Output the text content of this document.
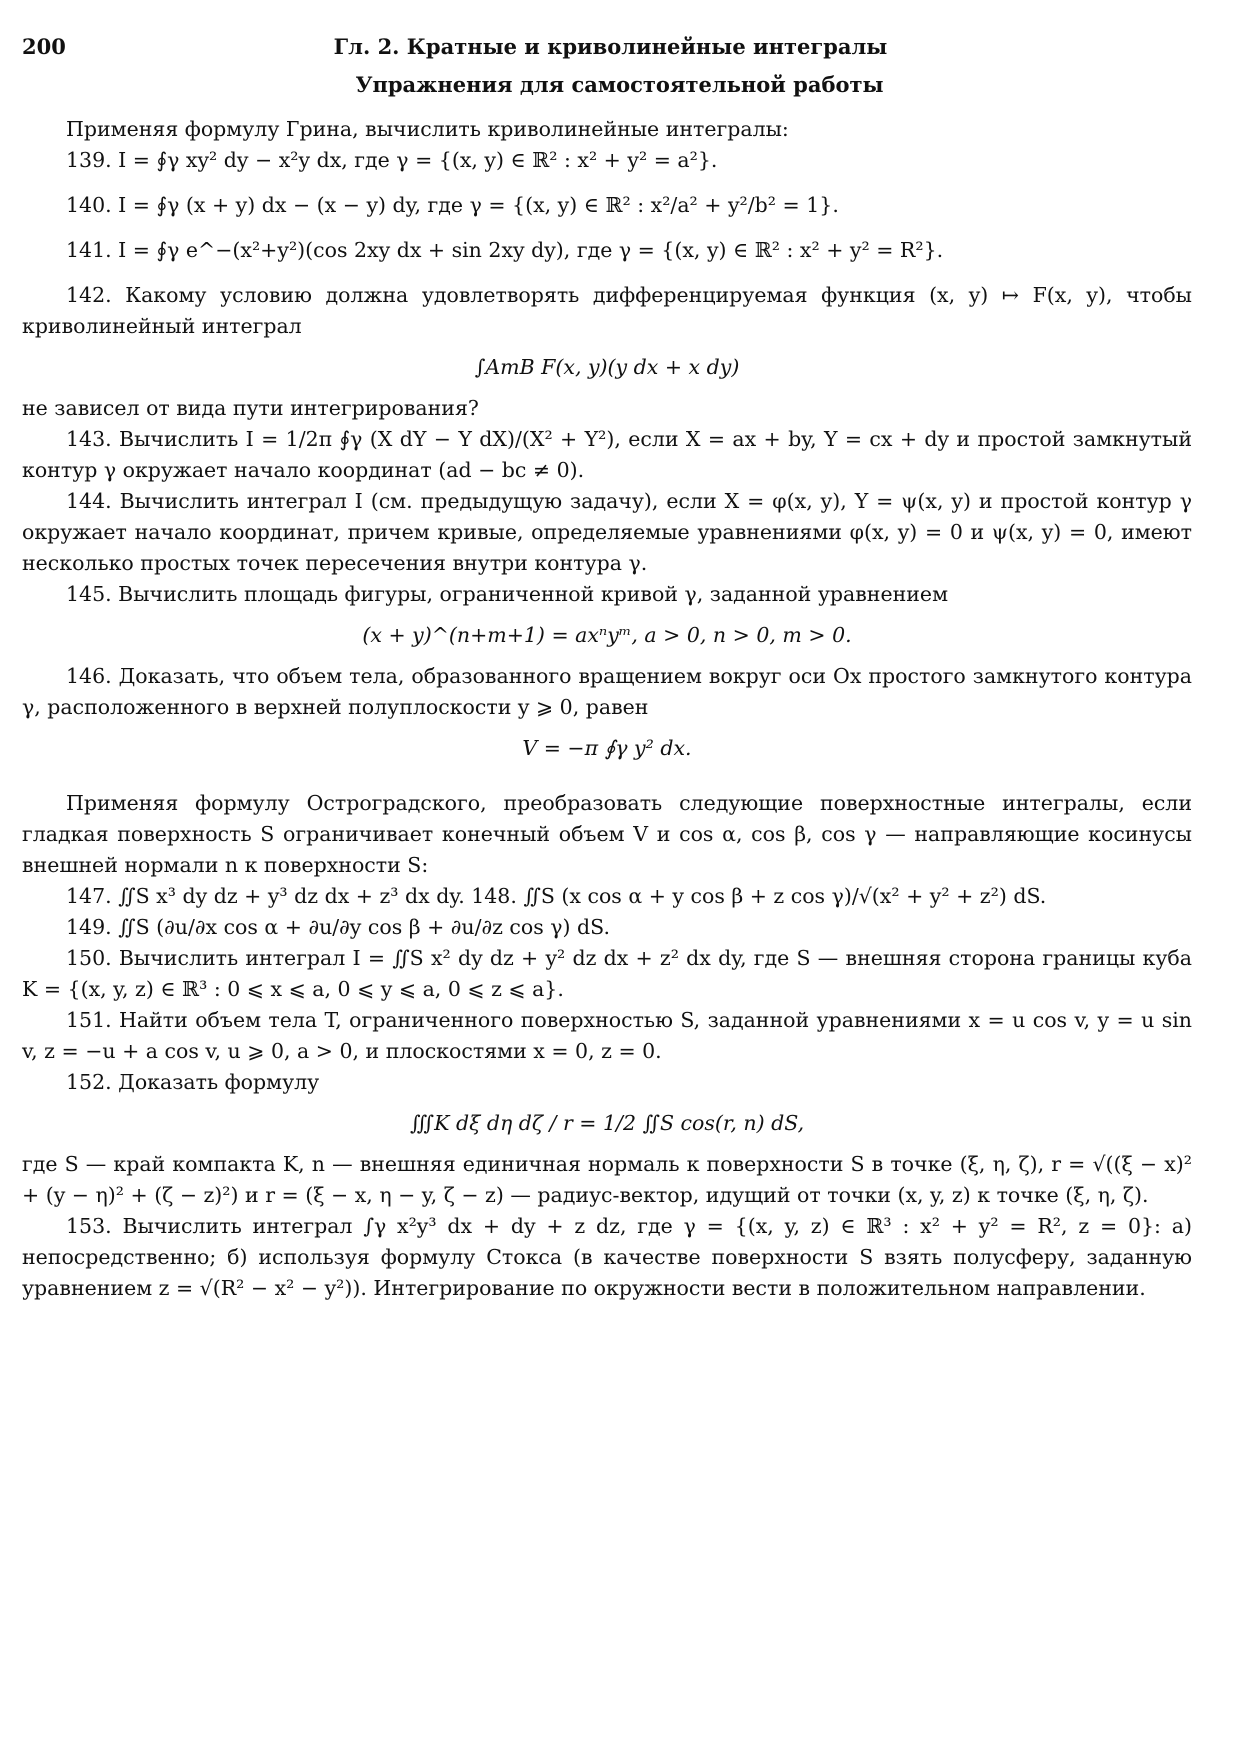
200	Гл. 2. Кратные и криволинейные интегралы
Упражнения для самостоятельной работы

Применяя формулу Грина, вычислить криволинейные интегралы:

139. I = ∮γ xy² dy − x²y dx, где γ = {(x, y) ∈ ℝ² : x² + y² = a²}.

140. I = ∮γ (x + y) dx − (x − y) dy, где γ = {(x, y) ∈ ℝ² : x²/a² + y²/b² = 1}.

141. I = ∮γ e^−(x²+y²)(cos 2xy dx + sin 2xy dy), где γ = {(x, y) ∈ ℝ² : x² + y² = R²}.

142. Какому условию должна удовлетворять дифференцируемая функция (x, y) ↦ F(x, y), чтобы криволинейный интеграл

∫AmB F(x, y)(y dx + x dy)

не зависел от вида пути интегрирования?

143. Вычислить I = 1/2π ∮γ (X dY − Y dX)/(X² + Y²), если X = ax + by, Y = cx + dy и простой замкнутый контур γ окружает начало координат (ad − bc ≠ 0).

144. Вычислить интеграл I (см. предыдущую задачу), если X = φ(x, y), Y = ψ(x, y) и простой контур γ окружает начало координат, причем кривые, определяемые уравнениями φ(x, y) = 0 и ψ(x, y) = 0, имеют несколько простых точек пересечения внутри контура γ.

145. Вычислить площадь фигуры, ограниченной кривой γ, заданной уравнением

(x + y)^(n+m+1) = axⁿyᵐ, a > 0, n > 0, m > 0.

146. Доказать, что объем тела, образованного вращением вокруг оси Ox простого замкнутого контура γ, расположенного в верхней полуплоскости y ⩾ 0, равен

V = −π ∮γ y² dx.

Применяя формулу Остроградского, преобразовать следующие поверхностные интегралы, если гладкая поверхность S ограничивает конечный объем V и cos α, cos β, cos γ — направляющие косинусы внешней нормали n к поверхности S:

147. ∬S x³ dy dz + y³ dz dx + z³ dx dy. 148. ∬S (x cos α + y cos β + z cos γ)/√(x² + y² + z²) dS.

149. ∬S (∂u/∂x cos α + ∂u/∂y cos β + ∂u/∂z cos γ) dS.

150. Вычислить интеграл I = ∬S x² dy dz + y² dz dx + z² dx dy, где S — внешняя сторона границы куба K = {(x, y, z) ∈ ℝ³ : 0 ⩽ x ⩽ a, 0 ⩽ y ⩽ a, 0 ⩽ z ⩽ a}.

151. Найти объем тела T, ограниченного поверхностью S, заданной уравнениями x = u cos v, y = u sin v, z = −u + a cos v, u ⩾ 0, a > 0, и плоскостями x = 0, z = 0.

152. Доказать формулу

∭K dξ dη dζ / r = 1/2 ∬S cos(r, n) dS,

где S — край компакта K, n — внешняя единичная нормаль к поверхности S в точке (ξ, η, ζ), r = √((ξ − x)² + (y − η)² + (ζ − z)²) и r = (ξ − x, η − y, ζ − z) — радиус-вектор, идущий от точки (x, y, z) к точке (ξ, η, ζ).

153. Вычислить интеграл ∫γ x²y³ dx + dy + z dz, где γ = {(x, y, z) ∈ ℝ³ : x² + y² = R², z = 0}: а) непосредственно; б) используя формулу Стокса (в качестве поверхности S взять полусферу, заданную уравнением z = √(R² − x² − y²)). Интегрирование по окружности вести в положительном направлении.
